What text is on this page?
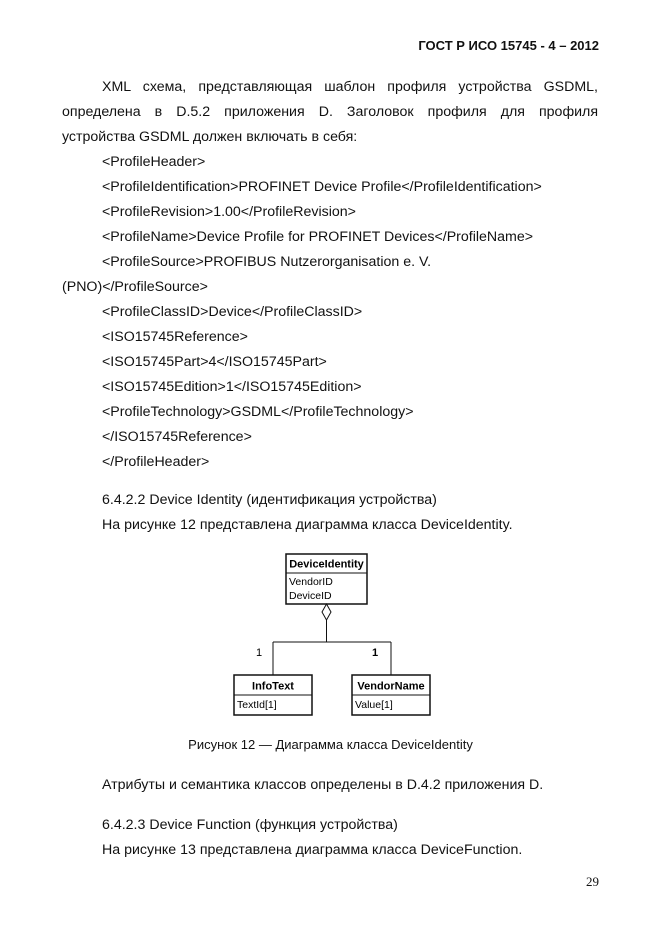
ГОСТ Р ИСО 15745 - 4 – 2012
XML схема, представляющая шаблон профиля устройства GSDML,
определена в D.5.2 приложения D. Заголовок профиля для профиля
устройства GSDML должен включать в себя:
<ProfileHeader>
<ProfileIdentification>PROFINET Device Profile</ProfileIdentification>
<ProfileRevision>1.00</ProfileRevision>
<ProfileName>Device Profile for PROFINET Devices</ProfileName>
<ProfileSource>PROFIBUS Nutzerorganisation e. V.
(PNO)</ProfileSource>
<ProfileClassID>Device</ProfileClassID>
<ISO15745Reference>
<ISO15745Part>4</ISO15745Part>
<ISO15745Edition>1</ISO15745Edition>
<ProfileTechnology>GSDML</ProfileTechnology>
</ISO15745Reference>
</ProfileHeader>
6.4.2.2 Device Identity (идентификация устройства)
На рисунке 12 представлена диаграмма класса DeviceIdentity.
DeviceIdentity
VendorID
DeviceID
1	1
InfoText
TextId[1]
VendorName
Value[1]
Рисунок 12 — Диаграмма класса DeviceIdentity
Атрибуты и семантика классов определены в D.4.2 приложения D.
6.4.2.3 Device Function (функция устройства)
На рисунке 13 представлена диаграмма класса DeviceFunction.
29
